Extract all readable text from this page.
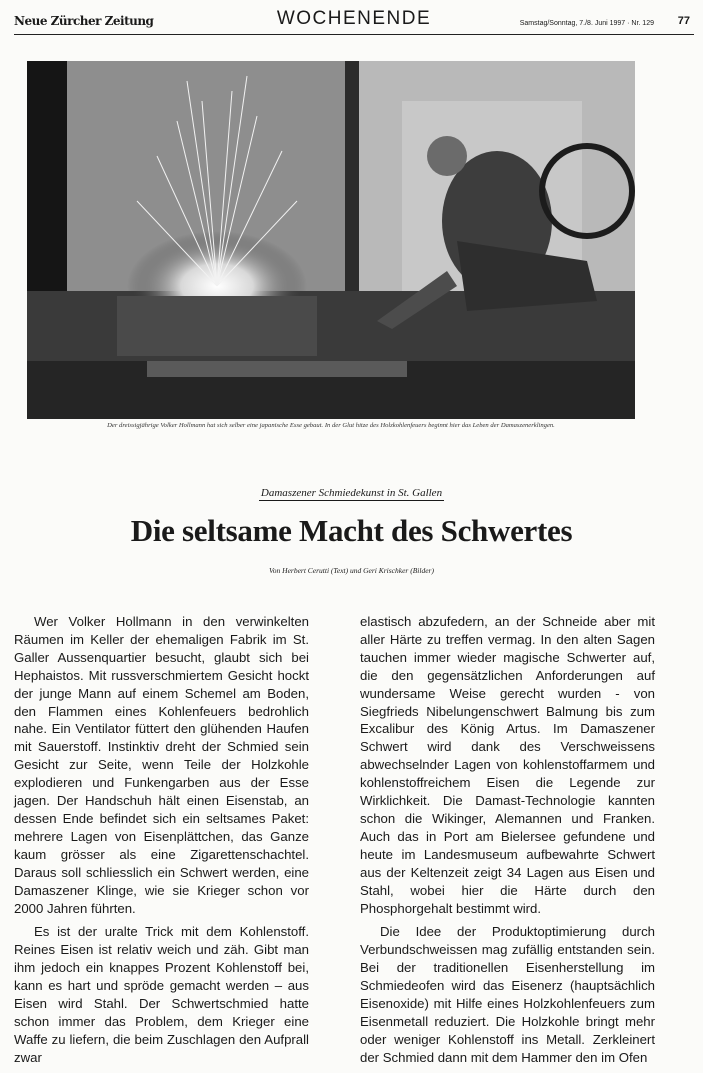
Neue Zürcher Zeitung	WOCHENENDE	Samstag/Sonntag, 7./8. Juni 1997 · Nr. 129 77
Der dreissigjährige Volker Hollmann hat sich selber eine japanische Esse gebaut. In der Glut hitze des Holzkohlenfeuers beginnt hier das Leben der Damaszenerklingen.
Damaszener Schmiedekunst in St. Gallen
Die seltsame Macht des Schwertes
Von Herbert Cerutti (Text) und Geri Krischker (Bilder)

Wer Volker Hollmann in den verwinkelten Räumen im Keller der ehemaligen Fabrik im St. Galler Aussenquartier besucht, glaubt sich bei Hephaistos. Mit russverschmiertem Gesicht hockt der junge Mann auf einem Schemel am Boden, den Flammen eines Kohlenfeuers bedrohlich nahe. Ein Ventilator füttert den glühenden Haufen mit Sauerstoff. Instinktiv dreht der Schmied sein Gesicht zur Seite, wenn Teile der Holzkohle explodieren und Funkengarben aus der Esse jagen. Der Handschuh hält einen Eisenstab, an dessen Ende befindet sich ein seltsames Paket: mehrere Lagen von Eisenplättchen, das Ganze kaum grösser als eine Zigarettenschachtel. Daraus soll schliesslich ein Schwert werden, eine Damaszener Klinge, wie sie Krieger schon vor 2000 Jahren führten.

Es ist der uralte Trick mit dem Kohlenstoff. Reines Eisen ist relativ weich und zäh. Gibt man ihm jedoch ein knappes Prozent Kohlenstoff bei, kann es hart und spröde gemacht werden – aus Eisen wird Stahl. Der Schwertschmied hatte schon immer das Problem, dem Krieger eine Waffe zu liefern, die beim Zuschlagen den Aufprall zwar

elastisch abzufedern, an der Schneide aber mit aller Härte zu treffen vermag. In den alten Sagen tauchen immer wieder magische Schwerter auf, die den gegensätzlichen Anforderungen auf wundersame Weise gerecht wurden - von Siegfrieds Nibelungenschwert Balmung bis zum Excalibur des König Artus. Im Damaszener Schwert wird dank des Verschweissens abwechselnder Lagen von kohlenstoffarmem und kohlenstoffreichem Eisen die Legende zur Wirklichkeit. Die Damast-Technologie kannten schon die Wikinger, Alemannen und Franken. Auch das in Port am Bielersee gefundene und heute im Landesmuseum aufbewahrte Schwert aus der Keltenzeit zeigt 34 Lagen aus Eisen und Stahl, wobei hier die Härte durch den Phosphorgehalt bestimmt wird.

Die Idee der Produktoptimierung durch Verbundschweissen mag zufällig entstanden sein. Bei der traditionellen Eisenherstellung im Schmiedeofen wird das Eisenerz (hauptsächlich Eisenoxide) mit Hilfe eines Holzkohlenfeuers zum Eisenmetall reduziert. Die Holzkohle bringt mehr oder weniger Kohlenstoff ins Metall. Zerkleinert der Schmied dann mit dem Hammer den im Ofen
